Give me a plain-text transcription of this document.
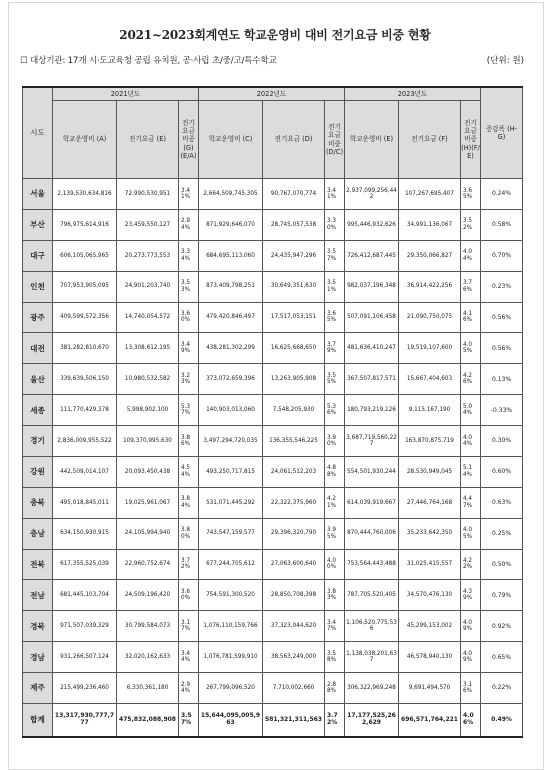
2021~2023회계연도 학교운영비 대비 전기요금 비중 현황
☐ 대상기관: 17개 시·도교육청 공립 유치원, 공·사립 초/중/고/특수학교	(단위: 원)
시도	2021년도			2022년도			2023년도			증감폭 (H-G)
	학교운영비 (A)	전기요금 (E)	전기요금비중(G)(E/A)	학교운영비 (C)	전기요금 (D)	전기요금비중(D/C)	학교운영비 (E)	전기요금 (F)	전기요금비중(H)(F/E)	
서울	2,139,530,634,816	72,990,530,951	3.41%	2,664,509,745,305	90,767,070,774	3.41%	2,937,099,256,442	107,267,695,407	3.65%	0.24%
부산	796,975,614,916	23,459,550,127	2.94%	871,929,646,070	28,745,057,538	3.30%	995,446,932,626	34,991,136,067	3.52%	0.58%
대구	606,105,065,965	20,273,773,553	3.34%	684,695,113,060	24,435,947,296	3.57%	726,412,687,445	29,350,066,827	4.04%	0.70%
인천	707,953,905,095	24,901,203,740	3.53%	873,409,798,251	30,649,351,630	3.51%	982,037,196,348	36,914,422,256	3.76%	0.23%
광주	409,599,572,356	14,740,054,572	3.60%	479,420,846,497	17,517,053,151	3.65%	507,091,106,458	21,090,750,075	4.16%	0.56%
대전	381,282,810,670	13,308,612,195	3.49%	438,281,302,299	16,625,668,650	3.79%	481,636,410,247	19,519,107,600	4.05%	0.56%
울산	339,639,506,150	10,980,532,582	3.23%	373,072,659,396	13,263,905,908	3.55%	367,507,817,571	15,667,404,603	4.26%	0.13%
세종	111,770,429,378	5,998,902,100	5.37%	140,903,013,060	7,548,205,930	5.36%	180,793,219,126	9,115,167,190	5.04%	-0.33%
경기	2,836,009,955,522	109,370,995,630	3.86%	3,497,294,720,035	136,355,546,225	3.90%	3,687,719,560,227	163,870,875,719	4.04%	0.30%
강원	442,509,014,107	20,093,450,438	4.54%	493,250,717,815	24,061,512,203	4.88%	554,501,930,244	28,530,949,045	5.14%	0.60%
충북	495,018,845,011	19,025,961,067	3.84%	531,071,445,292	22,322,375,960	4.21%	614,039,919,667	27,446,764,168	4.47%	0.63%
충남	634,150,930,915	24,105,994,940	3.80%	743,547,159,577	29,396,320,790	3.95%	870,444,760,006	35,233,642,350	4.05%	0.25%
전북	617,355,525,039	22,960,752,674	3.72%	677,244,705,612	27,063,600,640	4.00%	753,564,443,488	31,025,415,557	4.22%	0.50%
전남	681,445,103,704	24,509,196,420	3.60%	754,591,300,520	28,850,708,398	3.83%	787,705,520,405	34,570,476,130	4.39%	0.79%
경북	971,507,039,329	30,799,584,073	3.17%	1,076,110,159,766	37,323,044,620	3.47%	1,106,520,775,536	45,299,153,002	4.09%	0.92%
경남	931,266,507,124	32,020,162,633	3.44%	1,076,781,599,910	38,563,249,000	3.58%	1,138,038,201,637	46,578,940,130	4.09%	0.65%
제주	215,499,236,460	6,330,361,180	2.94%	267,799,096,520	7,710,002,660	2.88%	306,322,969,248	9,691,494,570	3.16%	0.22%
합계	13,317,930,777,777	475,832,088,908	3.57%	15,644,095,005,963	581,321,311,563	3.72%	17,177,525,262,629	696,571,764,221	4.06%	0.49%
